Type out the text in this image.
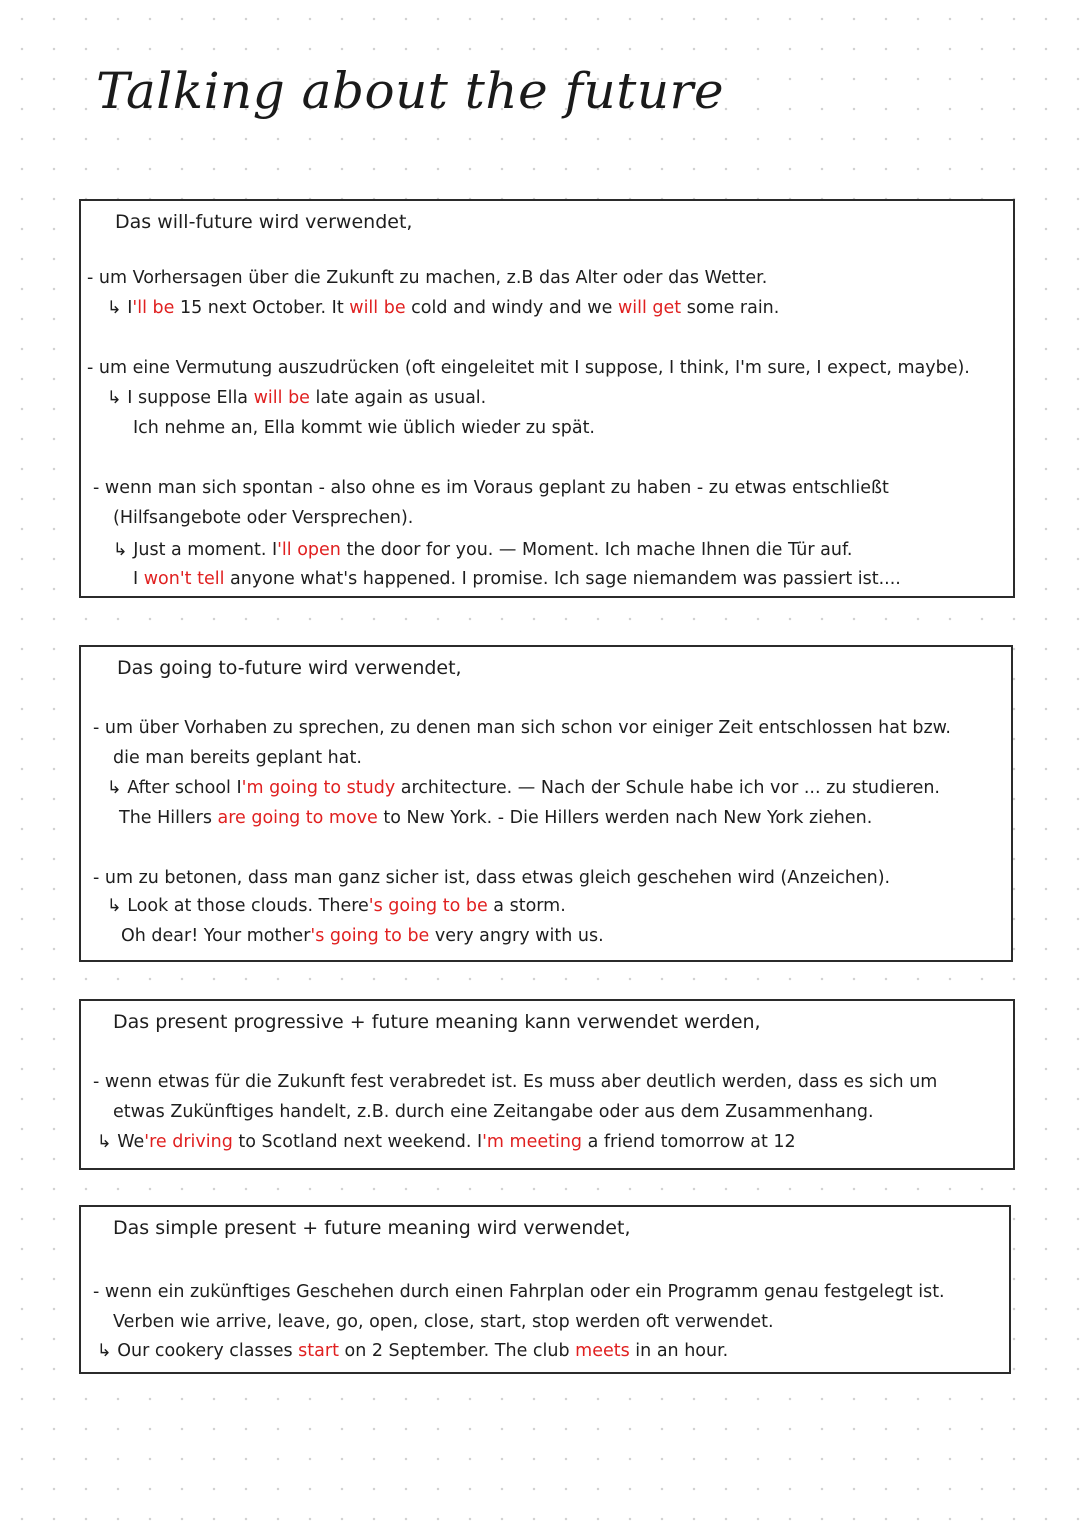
Talking about the future
Das will-future wird verwendet,
- um Vorhersagen über die Zukunft zu machen, z.B das Alter oder das Wetter.
↳ I'll be 15 next October. It will be cold and windy and we will get some rain.
- um eine Vermutung auszudrücken (oft eingeleitet mit I suppose, I think, I'm sure, I expect, maybe).
↳ I suppose Ella will be late again as usual.
Ich nehme an, Ella kommt wie üblich wieder zu spät.
- wenn man sich spontan - also ohne es im Voraus geplant zu haben - zu etwas entschließt
(Hilfsangebote oder Versprechen).
↳ Just a moment. I'll open the door for you. — Moment. Ich mache Ihnen die Tür auf.
I won't tell anyone what's happened. I promise. Ich sage niemandem was passiert ist....
Das going to-future wird verwendet,
- um über Vorhaben zu sprechen, zu denen man sich schon vor einiger Zeit entschlossen hat bzw.
die man bereits geplant hat.
↳ After school I'm going to study architecture. — Nach der Schule habe ich vor ... zu studieren.
The Hillers are going to move to New York. - Die Hillers werden nach New York ziehen.
- um zu betonen, dass man ganz sicher ist, dass etwas gleich geschehen wird (Anzeichen).
↳ Look at those clouds. There's going to be a storm.
Oh dear! Your mother's going to be very angry with us.
Das present progressive + future meaning kann verwendet werden,
- wenn etwas für die Zukunft fest verabredet ist. Es muss aber deutlich werden, dass es sich um
etwas Zukünftiges handelt, z.B. durch eine Zeitangabe oder aus dem Zusammenhang.
↳ We're driving to Scotland next weekend. I'm meeting a friend tomorrow at 12
Das simple present + future meaning wird verwendet,
- wenn ein zukünftiges Geschehen durch einen Fahrplan oder ein Programm genau festgelegt ist.
Verben wie arrive, leave, go, open, close, start, stop werden oft verwendet.
↳ Our cookery classes start on 2 September. The club meets in an hour.
